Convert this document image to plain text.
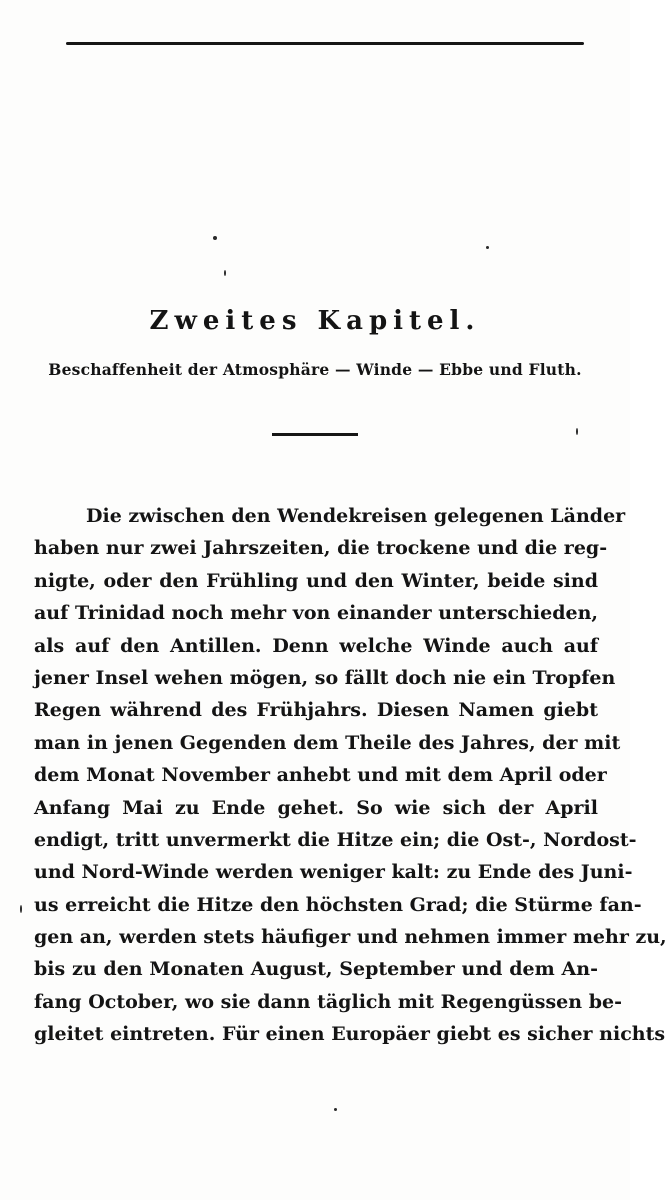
Zweites Kapitel.
Beschaffenheit der Atmosphäre — Winde — Ebbe und Fluth.
Die zwischen den Wendekreisen gelegenen Länder
haben nur zwei Jahrszeiten, die trockene und die reg-
nigte, oder den Frühling und den Winter, beide sind
auf Trinidad noch mehr von einander unterschieden,
als auf den Antillen. Denn welche Winde auch auf
jener Insel wehen mögen, so fällt doch nie ein Tropfen
Regen während des Frühjahrs. Diesen Namen giebt
man in jenen Gegenden dem Theile des Jahres, der mit
dem Monat November anhebt und mit dem April oder
Anfang Mai zu Ende gehet. So wie sich der April
endigt, tritt unvermerkt die Hitze ein; die Ost-, Nordost-
und Nord-Winde werden weniger kalt: zu Ende des Juni-
us erreicht die Hitze den höchsten Grad; die Stürme fan-
gen an, werden stets häufiger und nehmen immer mehr zu,
bis zu den Monaten August, September und dem An-
fang October, wo sie dann täglich mit Regengüssen be-
gleitet eintreten. Für einen Europäer giebt es sicher nichts
